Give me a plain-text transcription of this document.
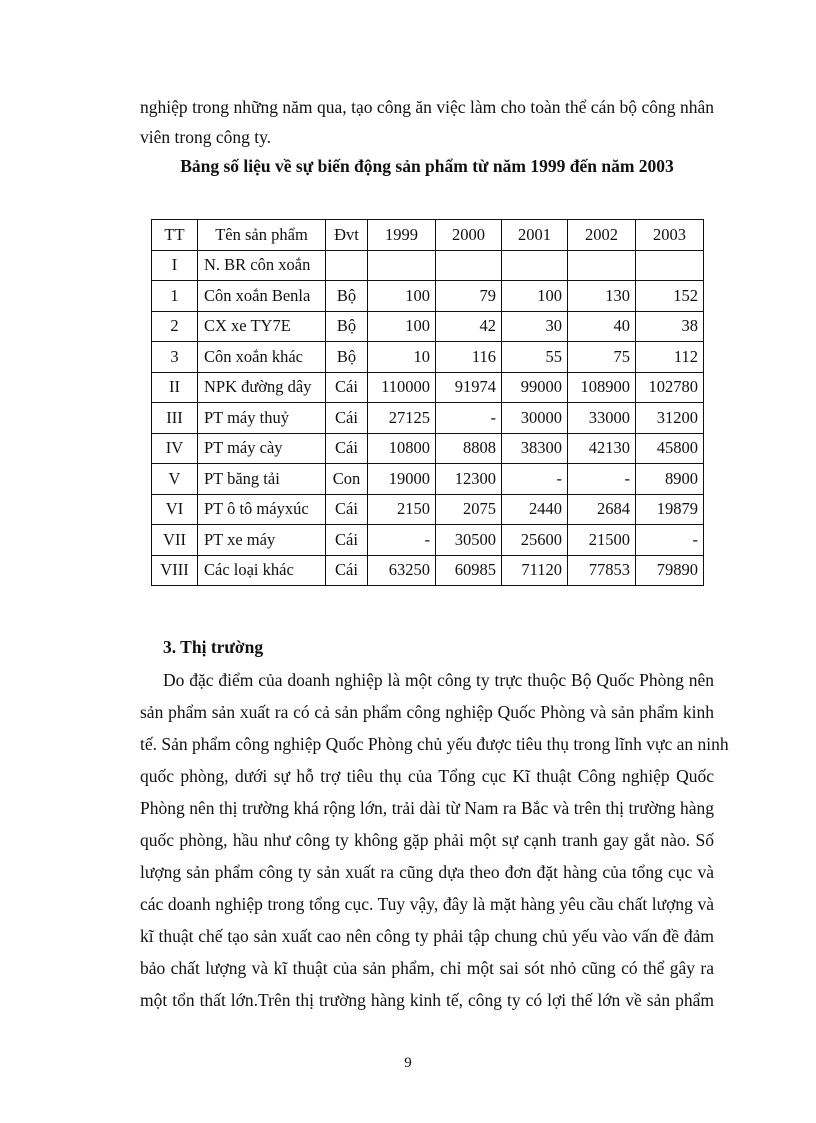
nghiệp trong những năm qua, tạo công ăn việc làm cho toàn thể cán bộ công nhân
viên trong công ty.
Bảng số liệu về sự biến động sản phẩm từ năm 1999 đến năm 2003
TT	Tên sản phẩm	Đvt	1999	2000	2001	2002	2003
I	N. BR côn xoắn						
1	Côn xoắn Benla	Bộ	100	79	100	130	152
2	CX xe TY7E	Bộ	100	42	30	40	38
3	Côn xoắn khác	Bộ	10	116	55	75	112
II	NPK đường dây	Cái	110000	91974	99000	108900	102780
III	PT máy thuỷ	Cái	27125	-	30000	33000	31200
IV	PT máy cày	Cái	10800	8808	38300	42130	45800
V	PT băng tải	Con	19000	12300	-	-	8900
VI	PT ô tô máyxúc	Cái	2150	2075	2440	2684	19879
VII	PT xe máy	Cái	-	30500	25600	21500	-
VIII	Các loại khác	Cái	63250	60985	71120	77853	79890
3. Thị trường
Do đặc điểm của doanh nghiệp là một công ty trực thuộc Bộ Quốc Phòng nên
sản phẩm sản xuất ra có cả sản phẩm công nghiệp Quốc Phòng và sản phẩm kinh
tế. Sản phẩm công nghiệp Quốc Phòng chủ yếu được tiêu thụ trong lĩnh vực an ninh
quốc phòng, dưới sự hỗ trợ tiêu thụ của Tổng cục Kĩ thuật Công nghiệp Quốc
Phòng nên thị trường khá rộng lớn, trải dài từ Nam ra Bắc và trên thị trường hàng
quốc phòng, hầu như công ty không gặp phải một sự cạnh tranh gay gắt nào. Số
lượng sản phẩm công ty sản xuất ra cũng dựa theo đơn đặt hàng của tổng cục và
các doanh nghiệp trong tổng cục. Tuy vậy, đây là mặt hàng yêu cầu chất lượng và
kĩ thuật chế tạo sản xuất cao nên công ty phải tập chung chủ yếu vào vấn đề đảm
bảo chất lượng và kĩ thuật của sản phẩm, chỉ một sai sót nhỏ cũng có thể gây ra
một tổn thất lớn.Trên thị trường hàng kinh tế, công ty có lợi thế lớn về sản phẩm
9
